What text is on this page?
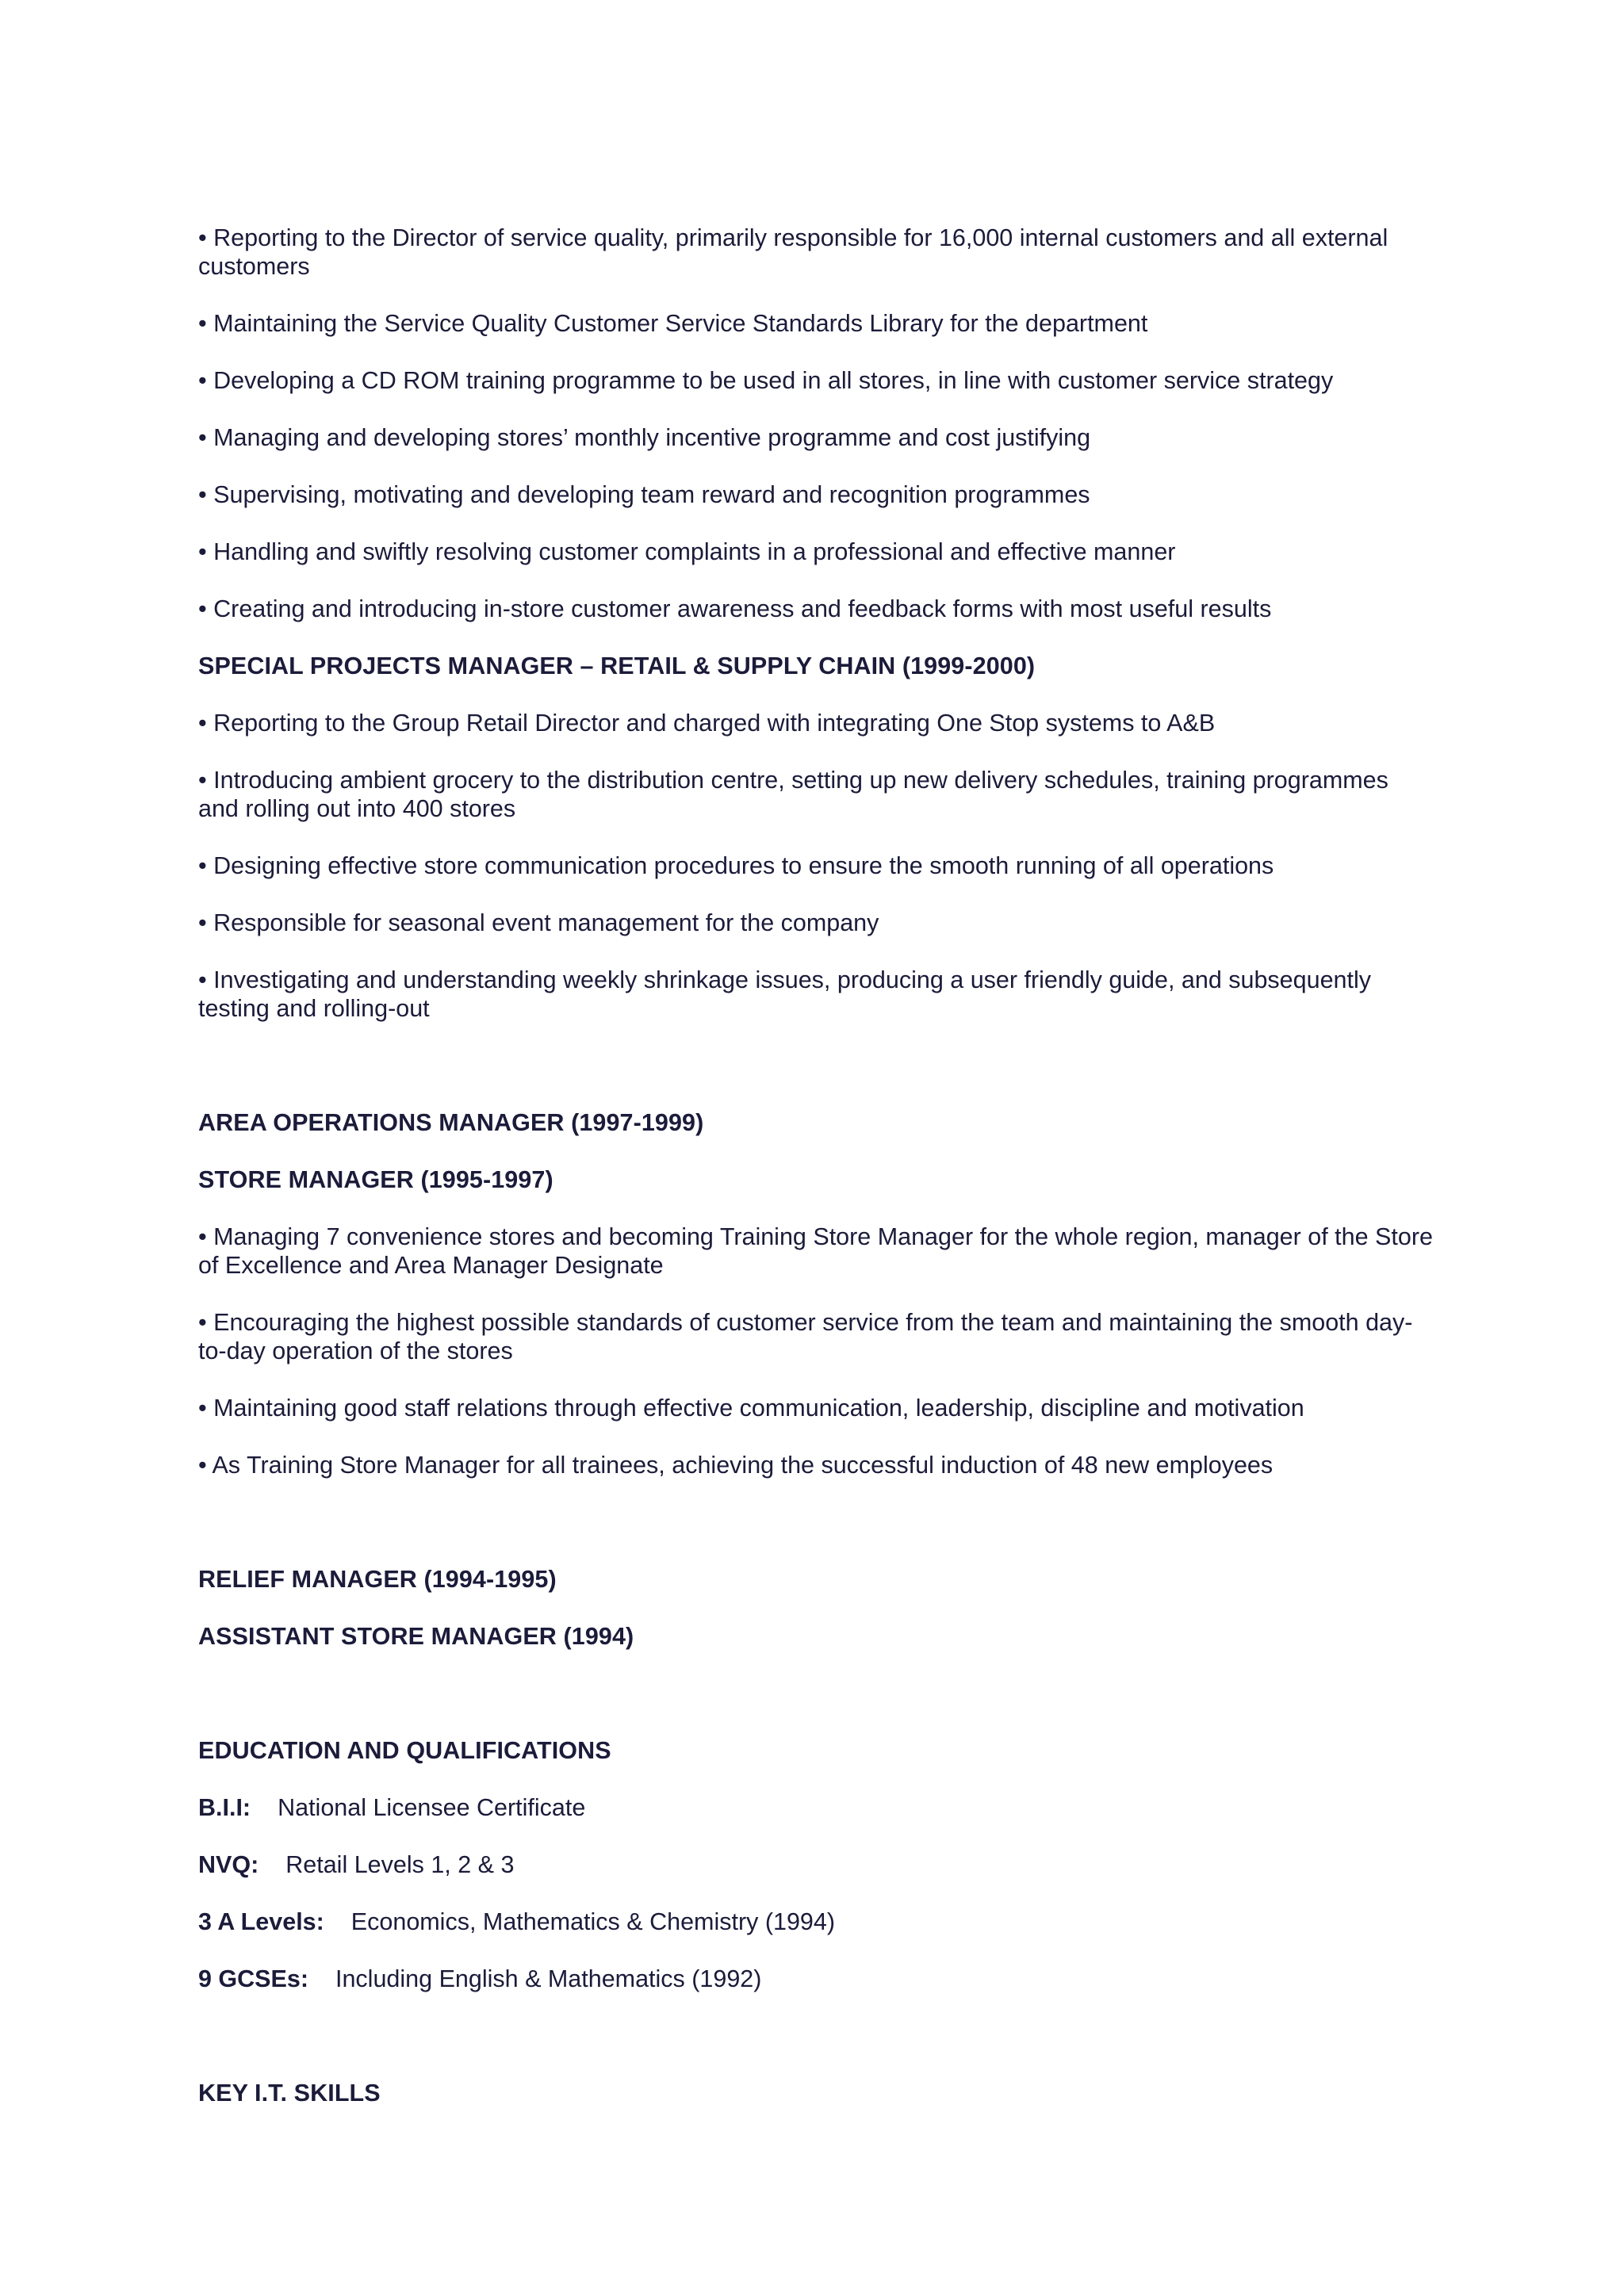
• Reporting to the Director of service quality, primarily responsible for 16,000 internal customers and all external customers

• Maintaining the Service Quality Customer Service Standards Library for the department

• Developing a CD ROM training programme to be used in all stores, in line with customer service strategy

• Managing and developing stores’ monthly incentive programme and cost justifying

• Supervising, motivating and developing team reward and recognition programmes

• Handling and swiftly resolving customer complaints in a professional and effective manner

• Creating and introducing in-store customer awareness and feedback forms with most useful results

SPECIAL PROJECTS MANAGER – RETAIL & SUPPLY CHAIN (1999-2000)

• Reporting to the Group Retail Director and charged with integrating One Stop systems to A&B

• Introducing ambient grocery to the distribution centre, setting up new delivery schedules, training programmes and rolling out into 400 stores

• Designing effective store communication procedures to ensure the smooth running of all operations

• Responsible for seasonal event management for the company

• Investigating and understanding weekly shrinkage issues, producing a user friendly guide, and subsequently testing and rolling-out

AREA OPERATIONS MANAGER (1997-1999)
STORE MANAGER (1995-1997)

• Managing 7 convenience stores and becoming Training Store Manager for the whole region, manager of the Store of Excellence and Area Manager Designate

• Encouraging the highest possible standards of customer service from the team and maintaining the smooth day-to-day operation of the stores

• Maintaining good staff relations through effective communication, leadership, discipline and motivation

• As Training Store Manager for all trainees, achieving the successful induction of 48 new employees

RELIEF MANAGER (1994-1995)
ASSISTANT STORE MANAGER (1994)
EDUCATION AND QUALIFICATIONS
B.I.I: National Licensee Certificate
NVQ: Retail Levels 1, 2 & 3
3 A Levels: Economics, Mathematics & Chemistry (1994)
9 GCSEs: Including English & Mathematics (1992)
KEY I.T. SKILLS
